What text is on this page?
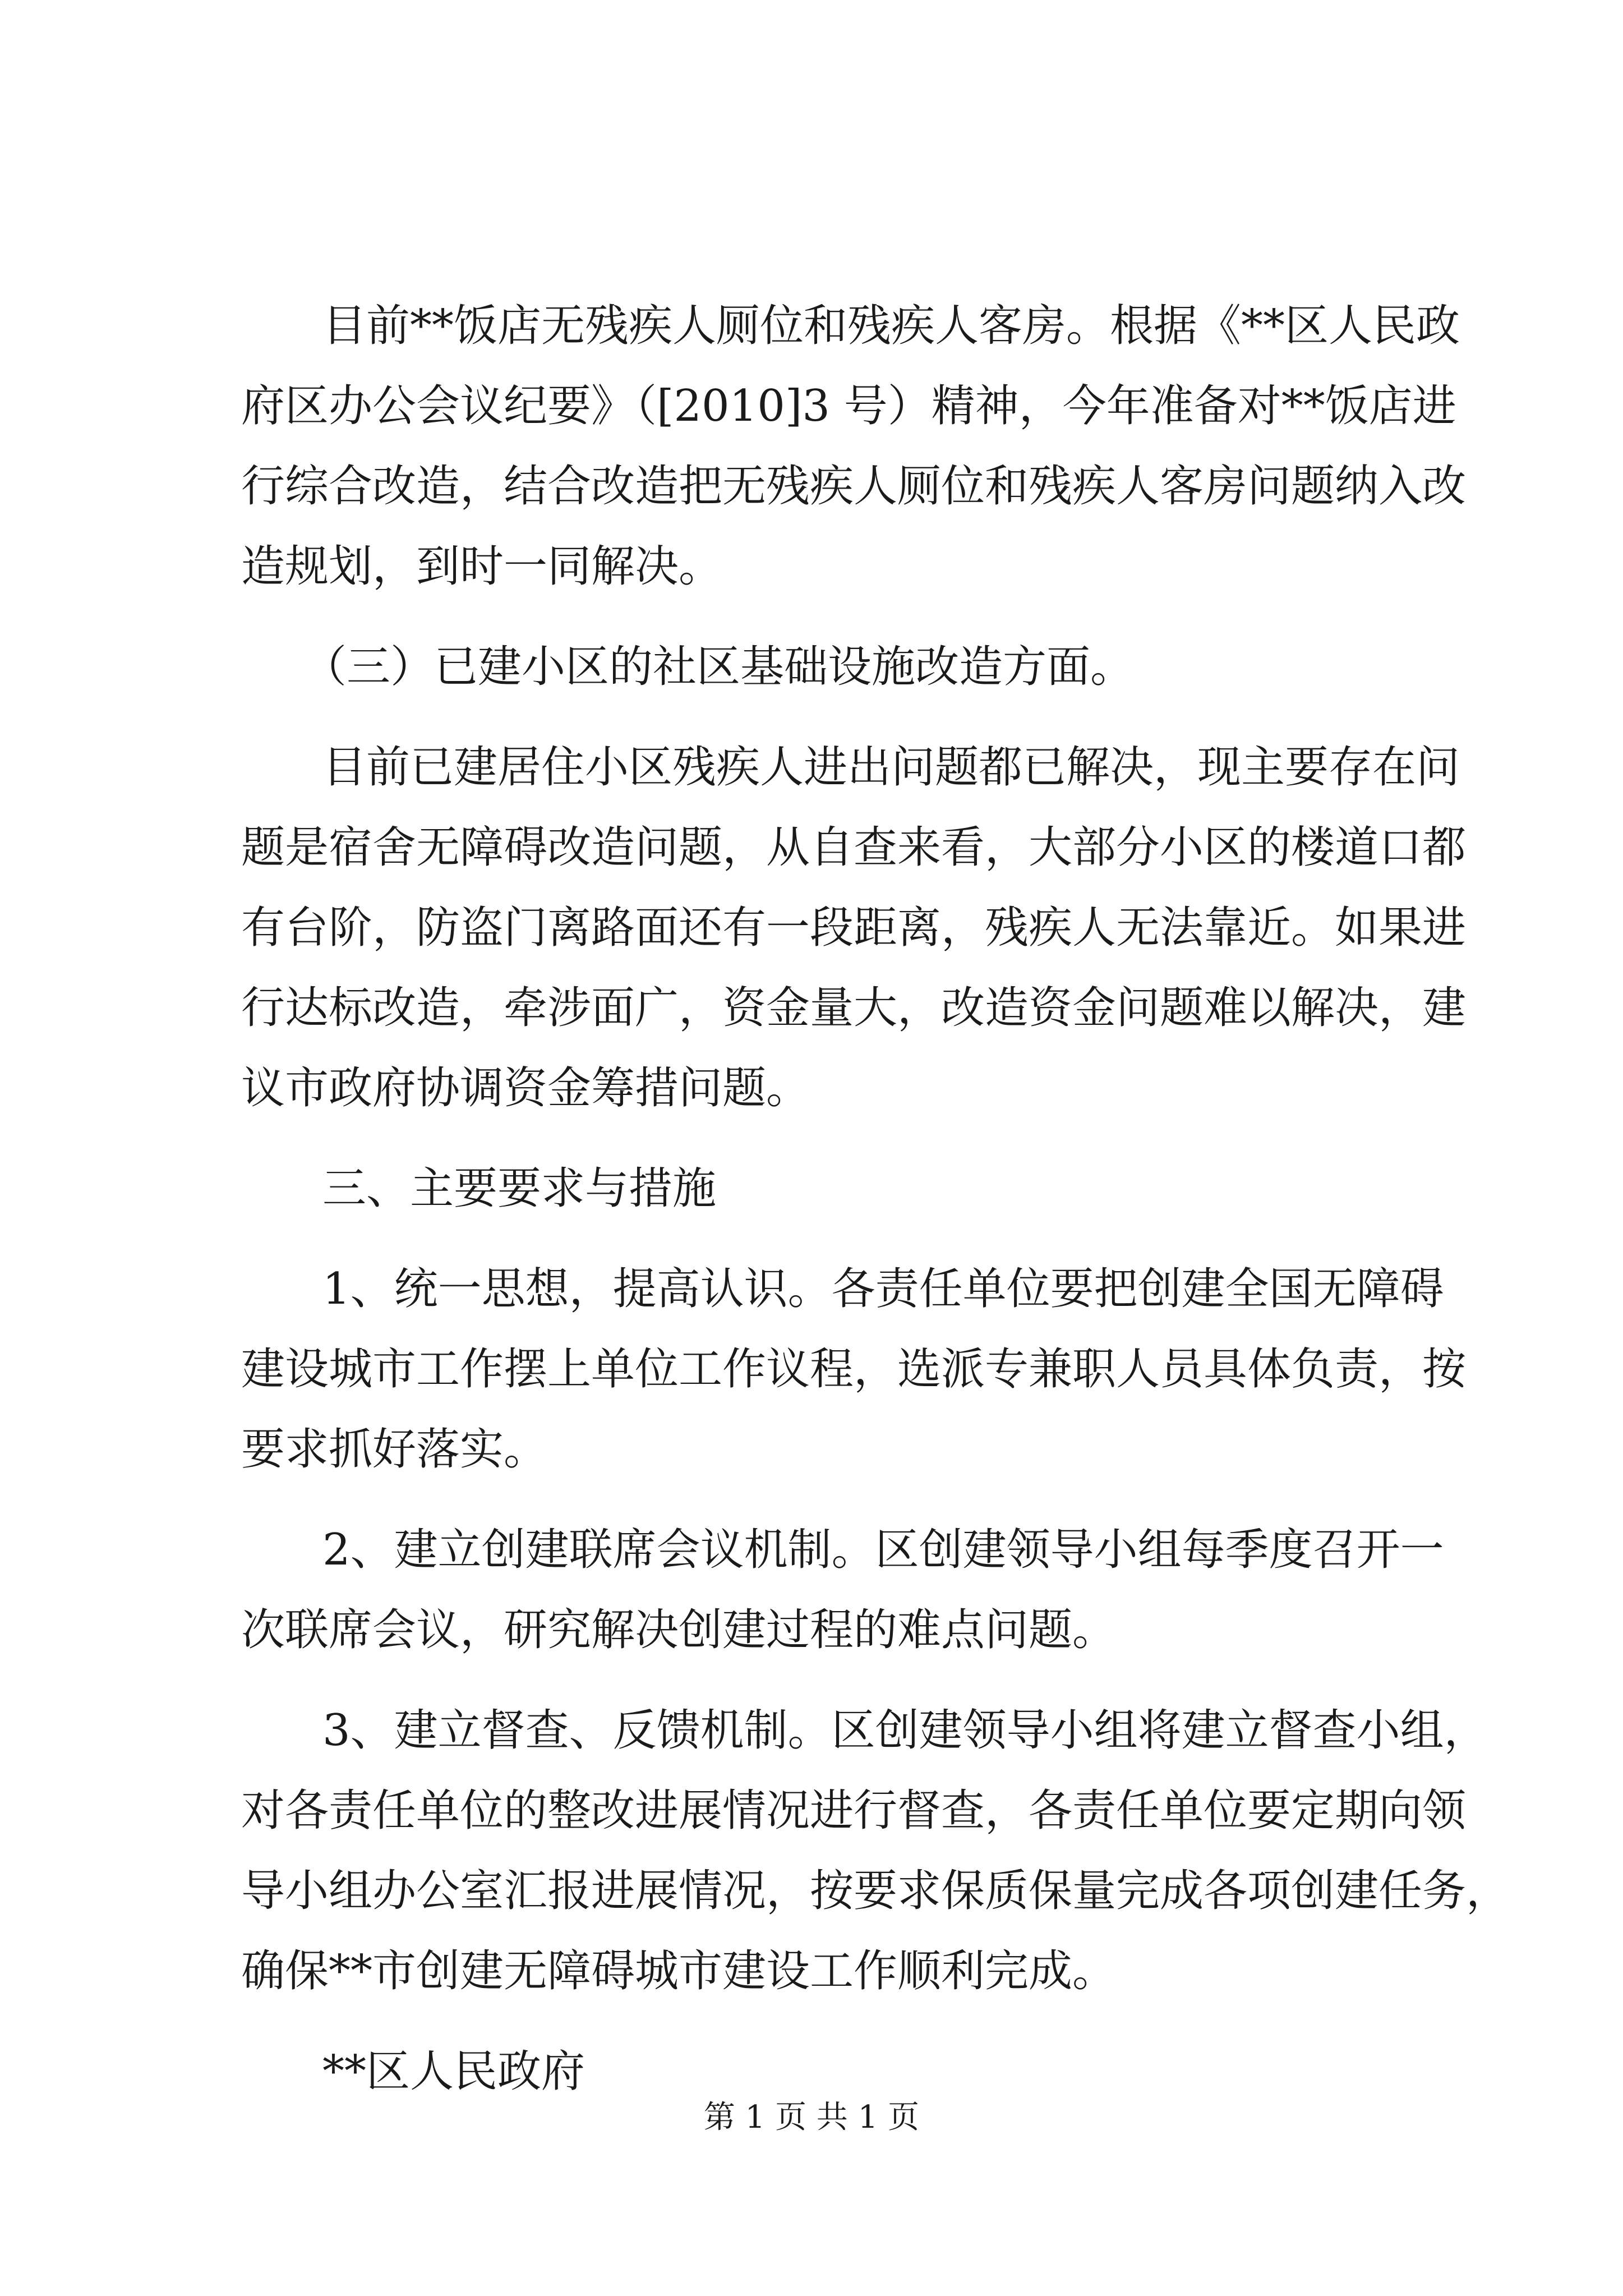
目前**饭店无残疾人厕位和残疾人客房。根据《**区人民政
府区办公会议纪要》（[2010]3 号）精神，今年准备对**饭店进
行综合改造，结合改造把无残疾人厕位和残疾人客房问题纳入改
造规划，到时一同解决。

（三）已建小区的社区基础设施改造方面。

目前已建居住小区残疾人进出问题都已解决，现主要存在问
题是宿舍无障碍改造问题，从自查来看，大部分小区的楼道口都
有台阶，防盗门离路面还有一段距离，残疾人无法靠近。如果进
行达标改造，牵涉面广，资金量大，改造资金问题难以解决，建
议市政府协调资金筹措问题。

三、主要要求与措施

1、统一思想，提高认识。各责任单位要把创建全国无障碍
建设城市工作摆上单位工作议程，选派专兼职人员具体负责，按
要求抓好落实。

2、建立创建联席会议机制。区创建领导小组每季度召开一
次联席会议，研究解决创建过程的难点问题。

3、建立督查、反馈机制。区创建领导小组将建立督查小组，
对各责任单位的整改进展情况进行督查，各责任单位要定期向领
导小组办公室汇报进展情况，按要求保质保量完成各项创建任务，
确保**市创建无障碍城市建设工作顺利完成。

**区人民政府

第 1 页 共 1 页
